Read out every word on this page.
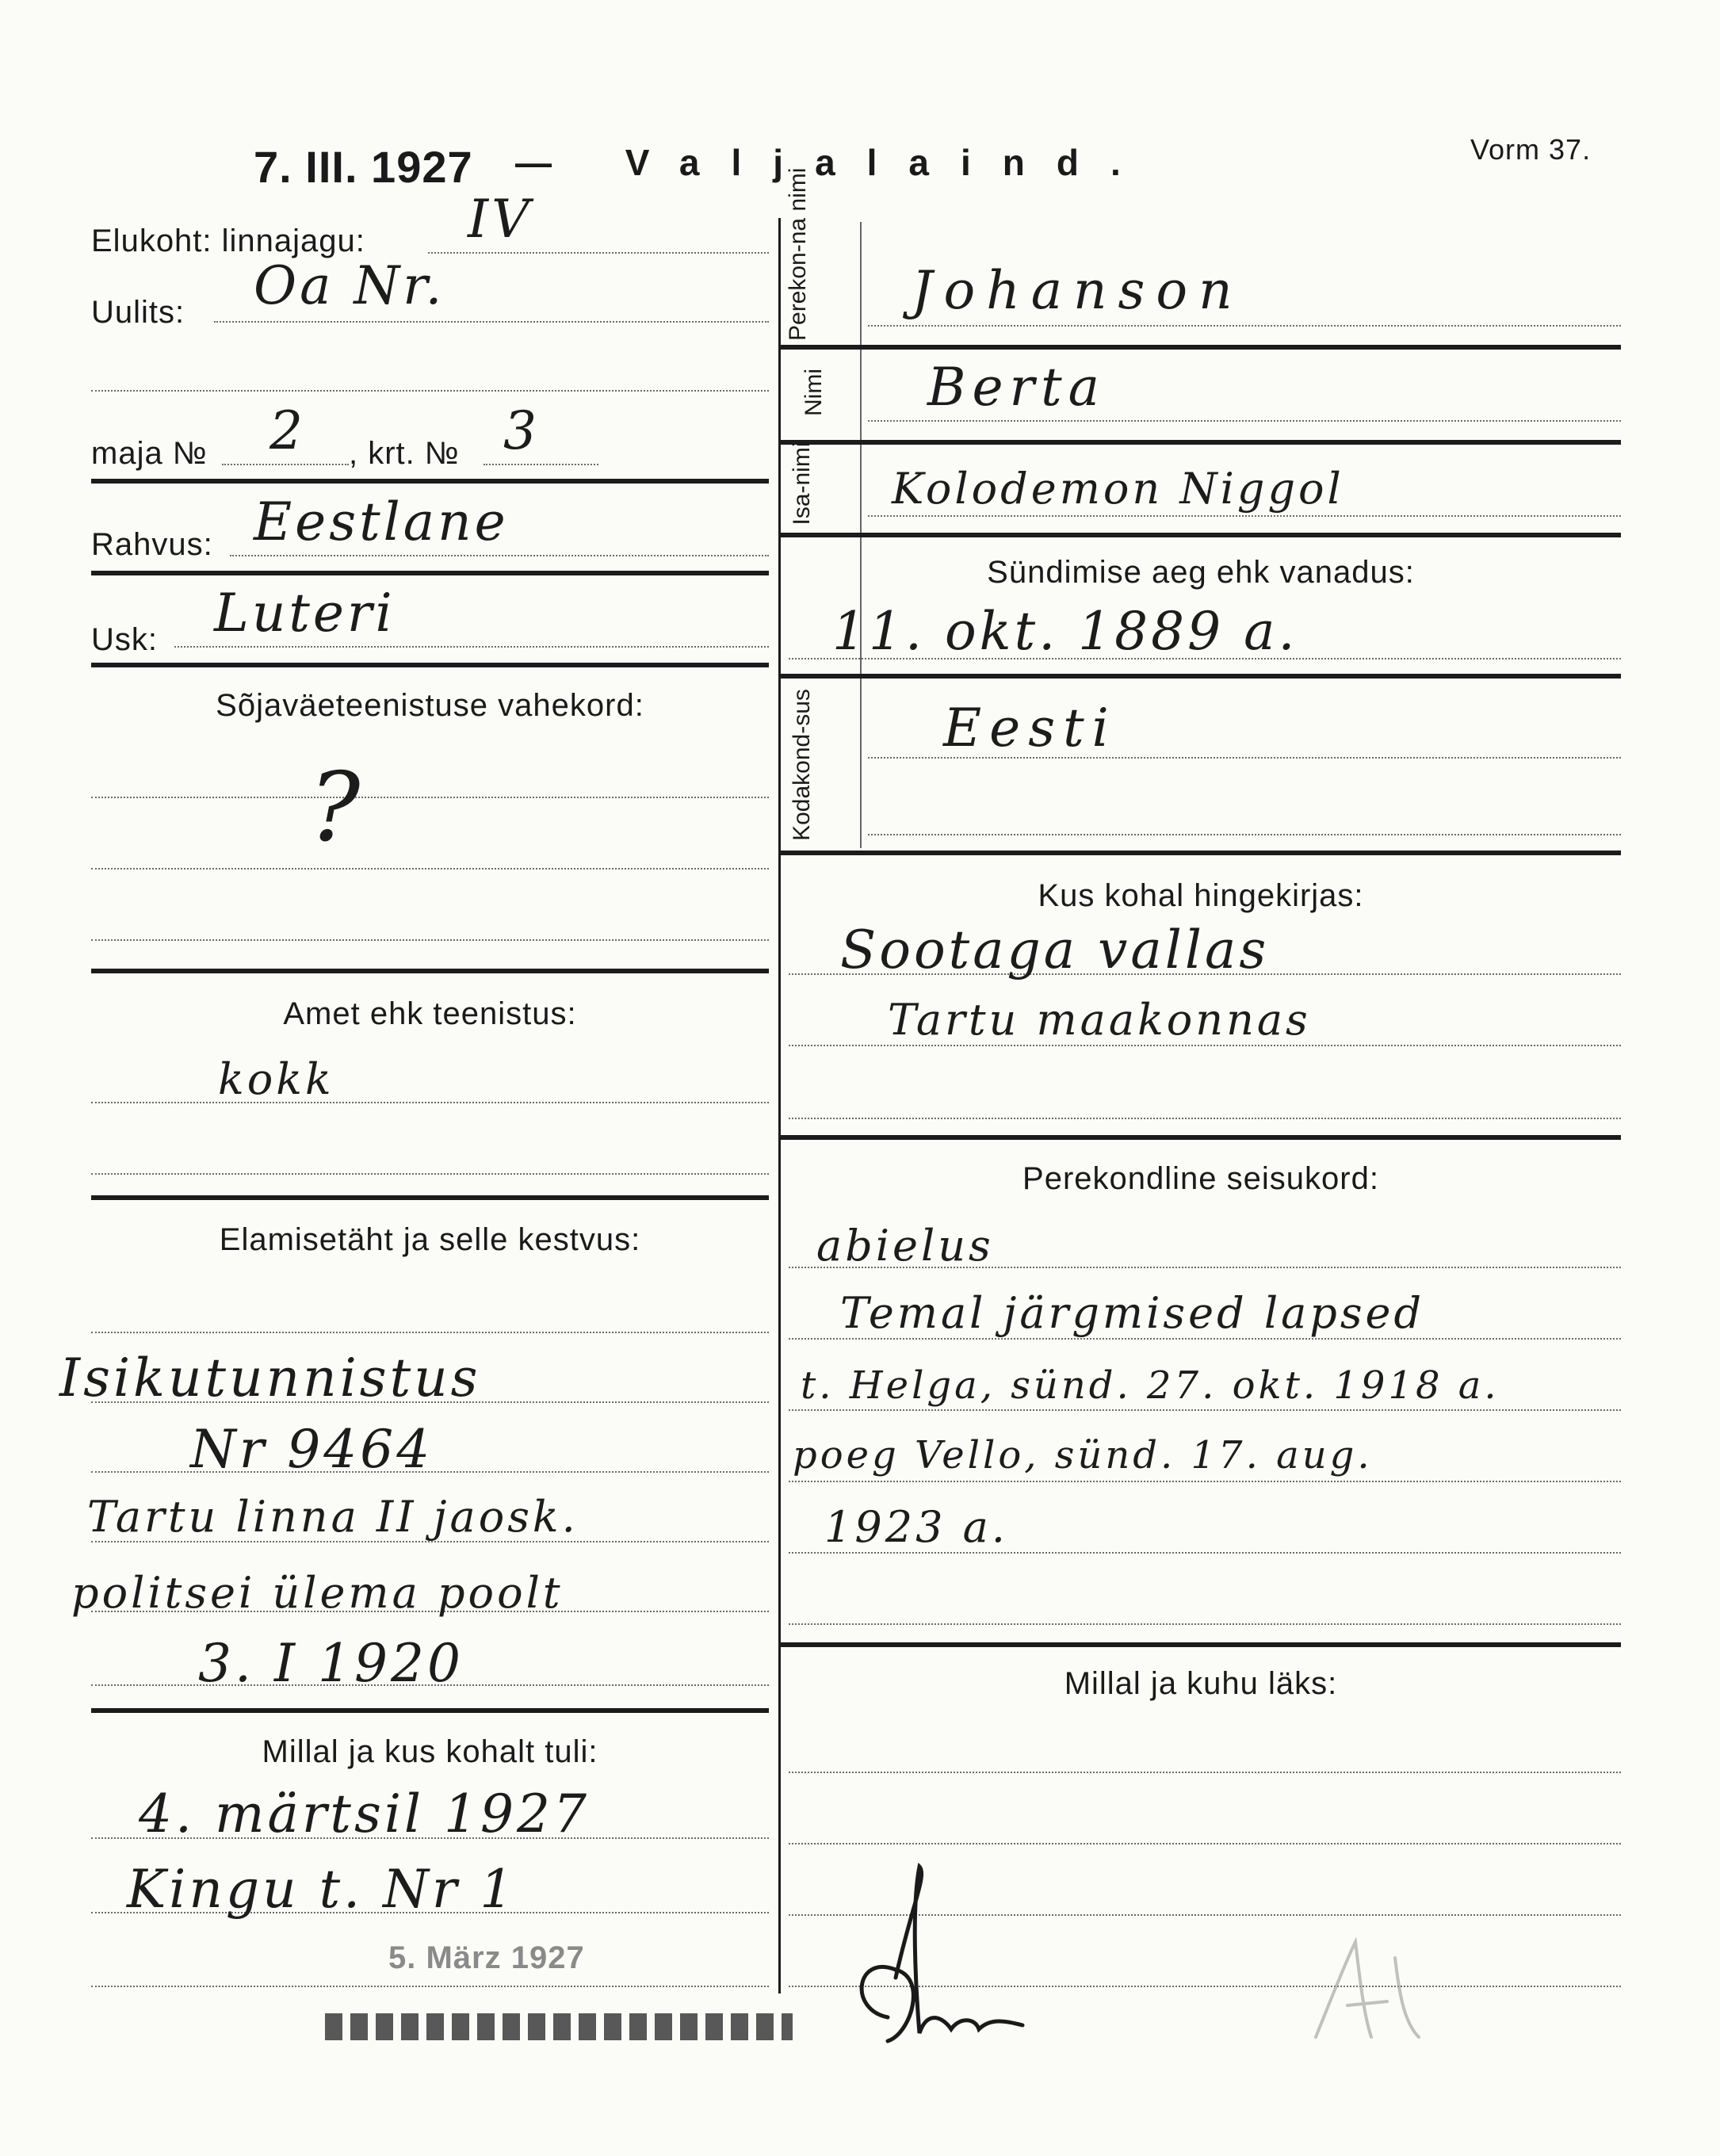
7. III. 1927 — Valjalaind.	Vorm 37.
Elukoht: linnajagu: IV
Uulits: Oa Nr.
maja № 2 , krt. № 3
Rahvus: Eestlane
Usk: Luteri
Sõjaväeteenistuse vahekord:
?
Amet ehk teenistus:
kokk
Elamisetäht ja selle kestvus:
Isikutunnistus
Nr 9464
Tartu linna II jaosk.
politsei ülema poolt
3. I 1920
Millal ja kus kohalt tuli:
4. märtsil 1927
Kingu t. Nr 1
5. März 1927
Perekon-na nimi Johanson
Nimi Berta
Isa-nimi Kolodemon Niggol
Sündimise aeg ehk vanadus:
11. okt. 1889 a.
Kodakond-sus Eesti
Kus kohal hingekirjas:
Sootaga vallas
Tartu maakonnas
Perekondline seisukord:
abielus
Temal järgmised lapsed
t. Helga, sünd. 27. okt. 1918 a.
poeg Vello, sünd. 17. aug.
1923 a.
Millal ja kuhu läks:
